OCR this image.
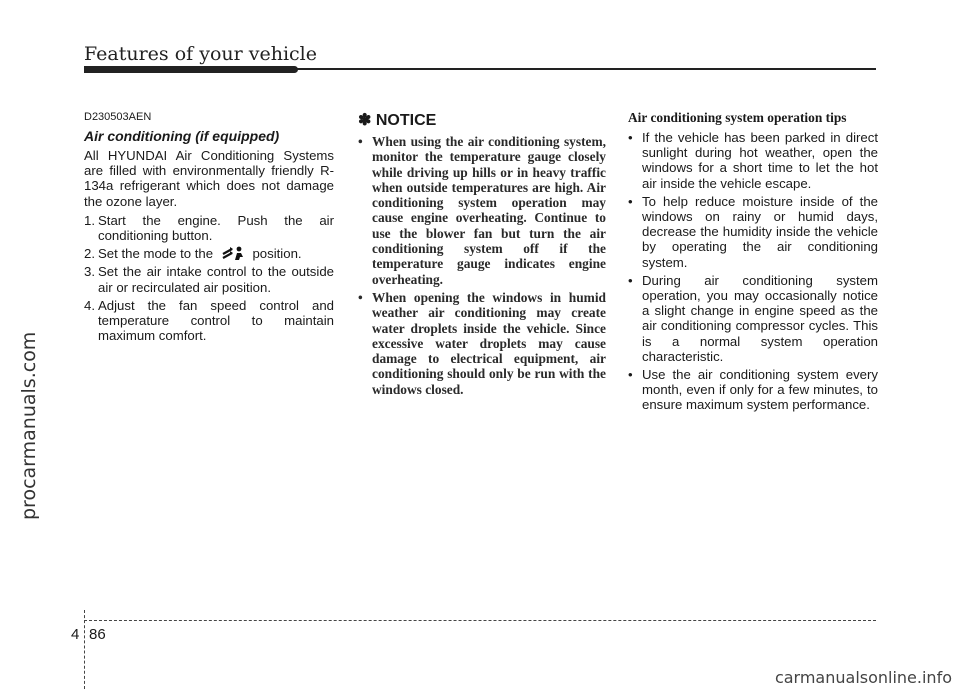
Features of your vehicle
procarmanuals.com
D230503AEN
Air conditioning (if equipped)

All HYUNDAI Air Conditioning Systems are filled with environmentally friendly R-134a refrigerant which does not damage the ozone layer.

1. Start the engine. Push the air conditioning button.
2. Set the mode to the	position.
3. Set the air intake control to the outside air or recirculated air position.
4. Adjust the fan speed control and temperature control to maintain maximum comfort.
✽ NOTICE
• When using the air conditioning system, monitor the temperature gauge closely while driving up hills or in heavy traffic when outside temperatures are high. Air conditioning system operation may cause engine overheating. Continue to use the blower fan but turn the air conditioning system off if the temperature gauge indicates engine overheating.
• When opening the windows in humid weather air conditioning may create water droplets inside the vehicle. Since excessive water droplets may cause damage to electrical equipment, air conditioning should only be run with the windows closed.
Air conditioning system operation tips
• If the vehicle has been parked in direct sunlight during hot weather, open the windows for a short time to let the hot air inside the vehicle escape.
• To help reduce moisture inside of the windows on rainy or humid days, decrease the humidity inside the vehicle by operating the air conditioning system.
• During air conditioning system operation, you may occasionally notice a slight change in engine speed as the air conditioning compressor cycles. This is a normal system operation characteristic.
• Use the air conditioning system every month, even if only for a few minutes, to ensure maximum system performance.
4 86
carmanualsonline.info
